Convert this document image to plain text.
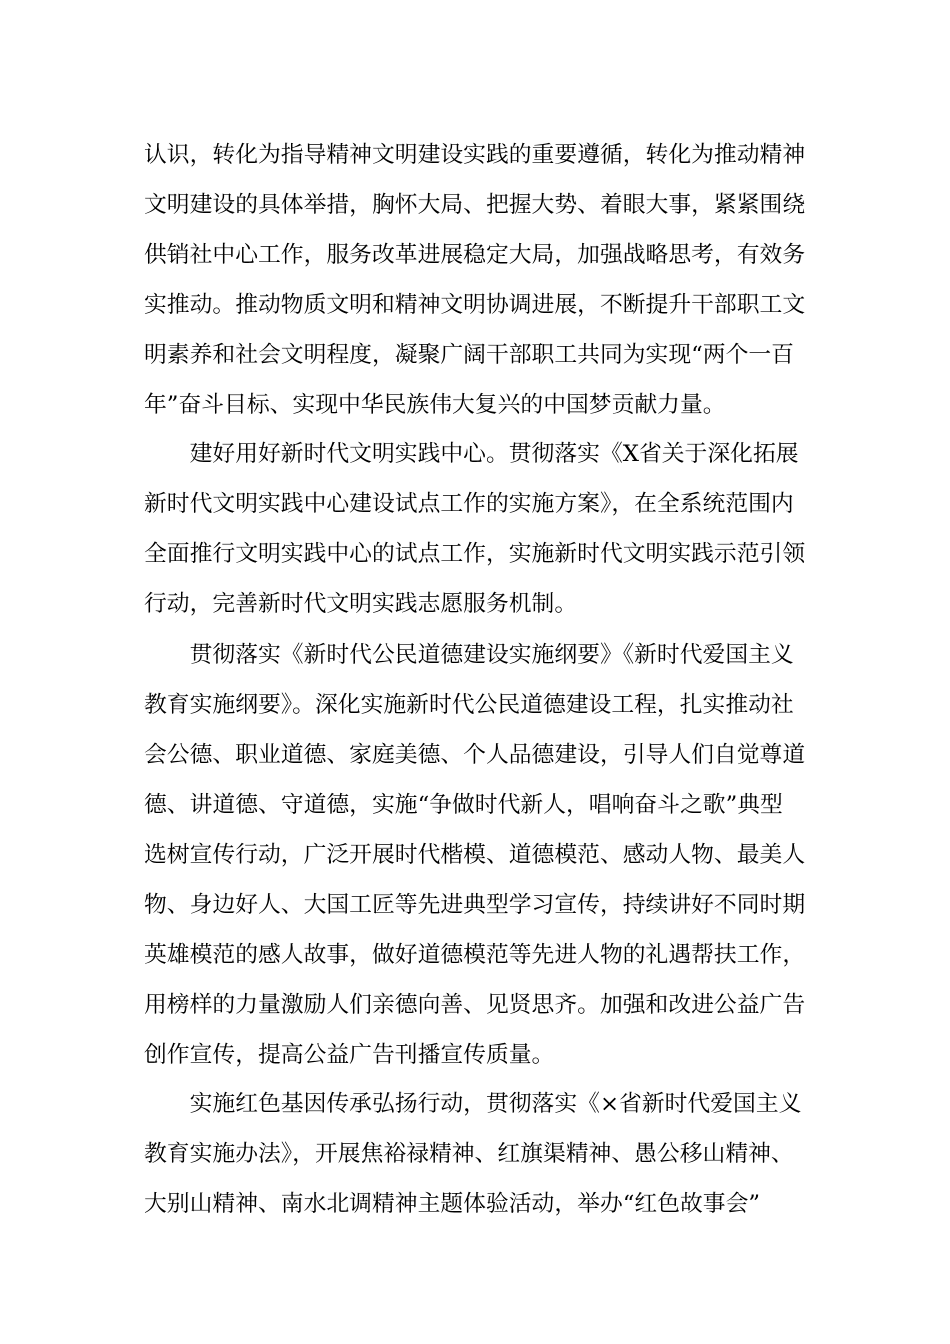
认识，转化为指导精神文明建设实践的重要遵循，转化为推动精神
文明建设的具体举措，胸怀大局、把握大势、着眼大事，紧紧围绕
供销社中心工作，服务改革进展稳定大局，加强战略思考，有效务
实推动。推动物质文明和精神文明协调进展，不断提升干部职工文
明素养和社会文明程度，凝聚广阔干部职工共同为实现“两个一百
年”奋斗目标、实现中华民族伟大复兴的中国梦贡献力量。
　　建好用好新时代文明实践中心。贯彻落实《X省关于深化拓展
新时代文明实践中心建设试点工作的实施方案》，在全系统范围内
全面推行文明实践中心的试点工作，实施新时代文明实践示范引领
行动，完善新时代文明实践志愿服务机制。
　　贯彻落实《新时代公民道德建设实施纲要》《新时代爱国主义
教育实施纲要》。深化实施新时代公民道德建设工程，扎实推动社
会公德、职业道德、家庭美德、个人品德建设，引导人们自觉尊道
德、讲道德、守道德，实施“争做时代新人，唱响奋斗之歌”典型
选树宣传行动，广泛开展时代楷模、道德模范、感动人物、最美人
物、身边好人、大国工匠等先进典型学习宣传，持续讲好不同时期
英雄模范的感人故事，做好道德模范等先进人物的礼遇帮扶工作，
用榜样的力量激励人们亲德向善、见贤思齐。加强和改进公益广告
创作宣传，提高公益广告刊播宣传质量。
　　实施红色基因传承弘扬行动，贯彻落实《×省新时代爱国主义
教育实施办法》，开展焦裕禄精神、红旗渠精神、愚公移山精神、
大别山精神、南水北调精神主题体验活动，举办“红色故事会”
